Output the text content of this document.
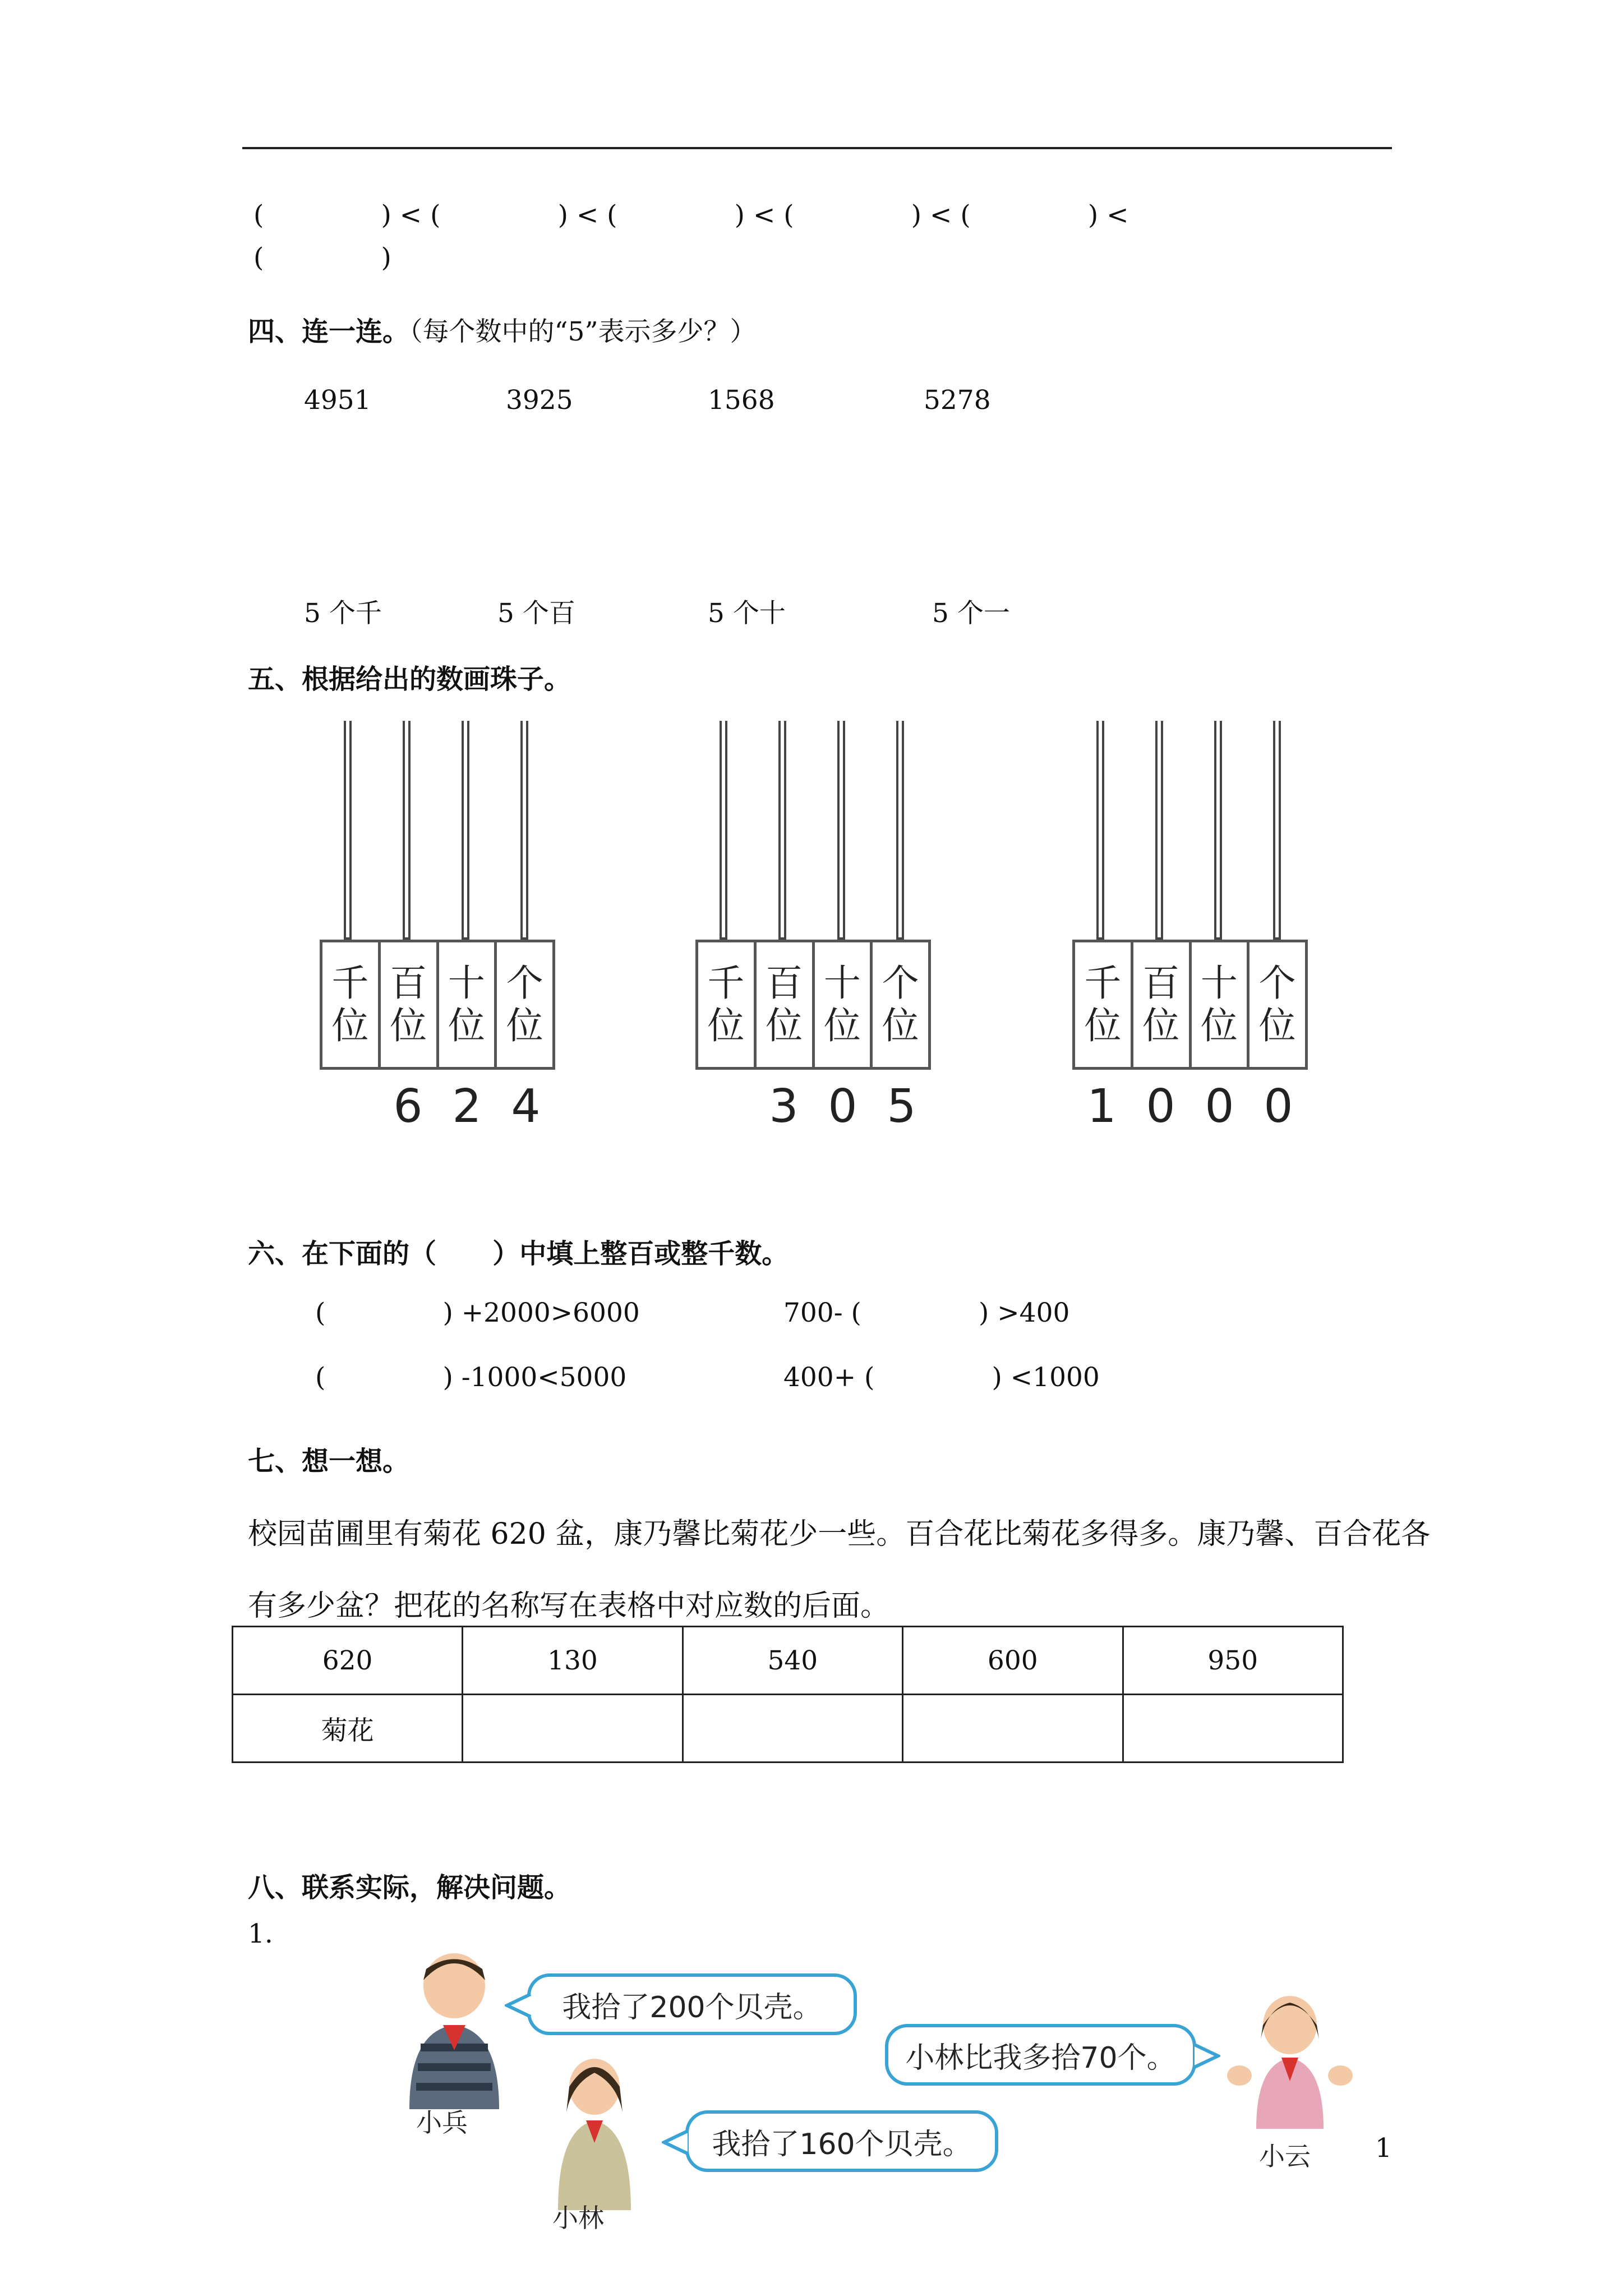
(              ) < (              ) < (              ) < (              ) < (              ) <
(              )
四、连一连。（每个数中的“5”表示多少？）
4951	3925	1568	5278
5 个千	5 个百	5 个十	5 个一
五、根据给出的数画珠子。
千
位
百
位
十
位
个
位
6 2 4
千
位
百
位
十
位
个
位
3 0 5
千
位
百
位
十
位
个
位
1 0 0 0
六、在下面的（      ）中填上整百或整千数。
(              ) +2000>6000	700- (              ) >400
(              ) -1000<5000	400+ (              ) <1000
七、想一想。
校园苗圃里有菊花 620 盆，康乃馨比菊花少一些。百合花比菊花多得多。康乃馨、百合花各
有多少盆？把花的名称写在表格中对应数的后面。
620	130	540	600	950
菊花				
八、联系实际，解决问题。
1.
小兵
小林
小云
我拾了200个贝壳。
小林比我多拾70个。
我拾了160个贝壳。	1
